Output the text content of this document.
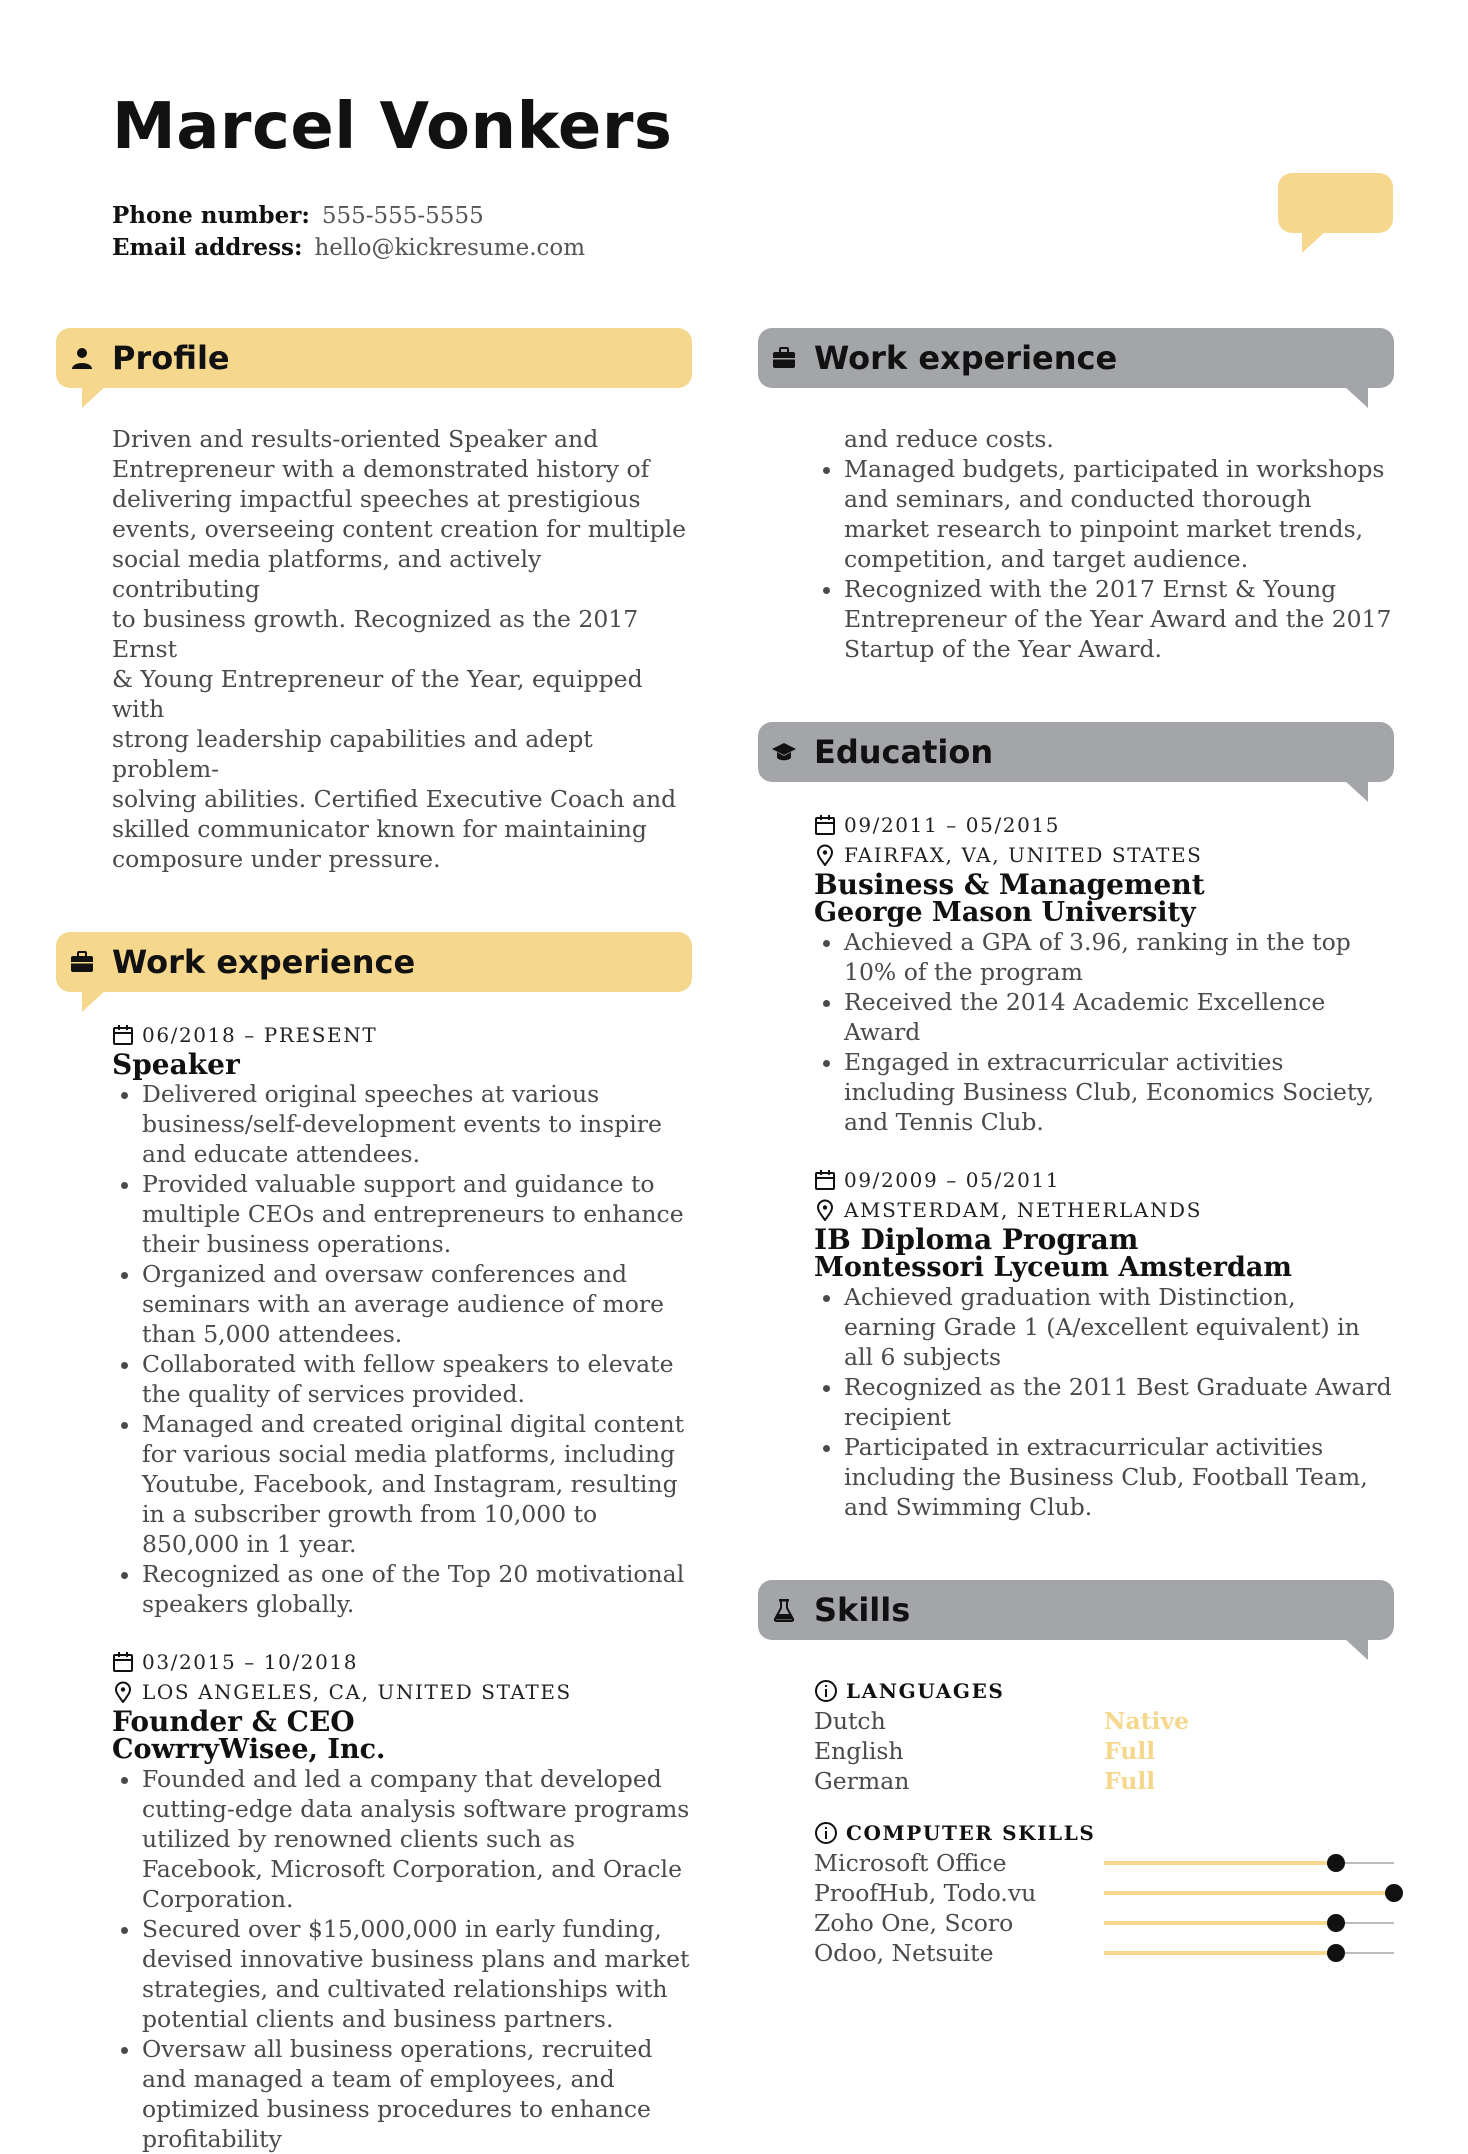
Marcel Vonkers
Phone number: 555-555-5555
Email address: hello@kickresume.com
Profile

Driven and results-oriented Speaker and
Entrepreneur with a demonstrated history of
delivering impactful speeches at prestigious
events, overseeing content creation for multiple
social media platforms, and actively contributing
to business growth. Recognized as the 2017 Ernst
& Young Entrepreneur of the Year, equipped with
strong leadership capabilities and adept problem-
solving abilities. Certified Executive Coach and
skilled communicator known for maintaining
composure under pressure.

Work experience
06/2018 – PRESENT

Speaker

• Delivered original speeches at various business/self-development events to inspire and educate attendees.
• Provided valuable support and guidance to multiple CEOs and entrepreneurs to enhance their business operations.
• Organized and oversaw conferences and seminars with an average audience of more than 5,000 attendees.
• Collaborated with fellow speakers to elevate the quality of services provided.
• Managed and created original digital content for various social media platforms, including Youtube, Facebook, and Instagram, resulting in a subscriber growth from 10,000 to 850,000 in 1 year.
• Recognized as one of the Top 20 motivational speakers globally.
03/2015 – 10/2018
LOS ANGELES, CA, UNITED STATES

Founder & CEO

CowrryWisee, Inc.

• Founded and led a company that developed cutting-edge data analysis software programs utilized by renowned clients such as Facebook, Microsoft Corporation, and Oracle Corporation.
• Secured over $15,000,000 in early funding, devised innovative business plans and market strategies, and cultivated relationships with potential clients and business partners.
• Oversaw all business operations, recruited and managed a team of employees, and optimized business procedures to enhance profitability
Work experience

and reduce costs.

• Managed budgets, participated in workshops and seminars, and conducted thorough market research to pinpoint market trends, competition, and target audience.
• Recognized with the 2017 Ernst & Young Entrepreneur of the Year Award and the 2017 Startup of the Year Award.
Education
09/2011 – 05/2015
FAIRFAX, VA, UNITED STATES

Business & Management

George Mason University

• Achieved a GPA of 3.96, ranking in the top 10% of the program
• Received the 2014 Academic Excellence Award
• Engaged in extracurricular activities including Business Club, Economics Society, and Tennis Club.
09/2009 – 05/2011
AMSTERDAM, NETHERLANDS

IB Diploma Program

Montessori Lyceum Amsterdam

• Achieved graduation with Distinction, earning Grade 1 (A/excellent equivalent) in all 6 subjects
• Recognized as the 2011 Best Graduate Award recipient
• Participated in extracurricular activities including the Business Club, Football Team, and Swimming Club.
Skills
LANGUAGES
Dutch	Native
English	Full
German	Full
COMPUTER SKILLS
Microsoft Office
ProofHub, Todo.vu
Zoho One, Scoro
Odoo, Netsuite
